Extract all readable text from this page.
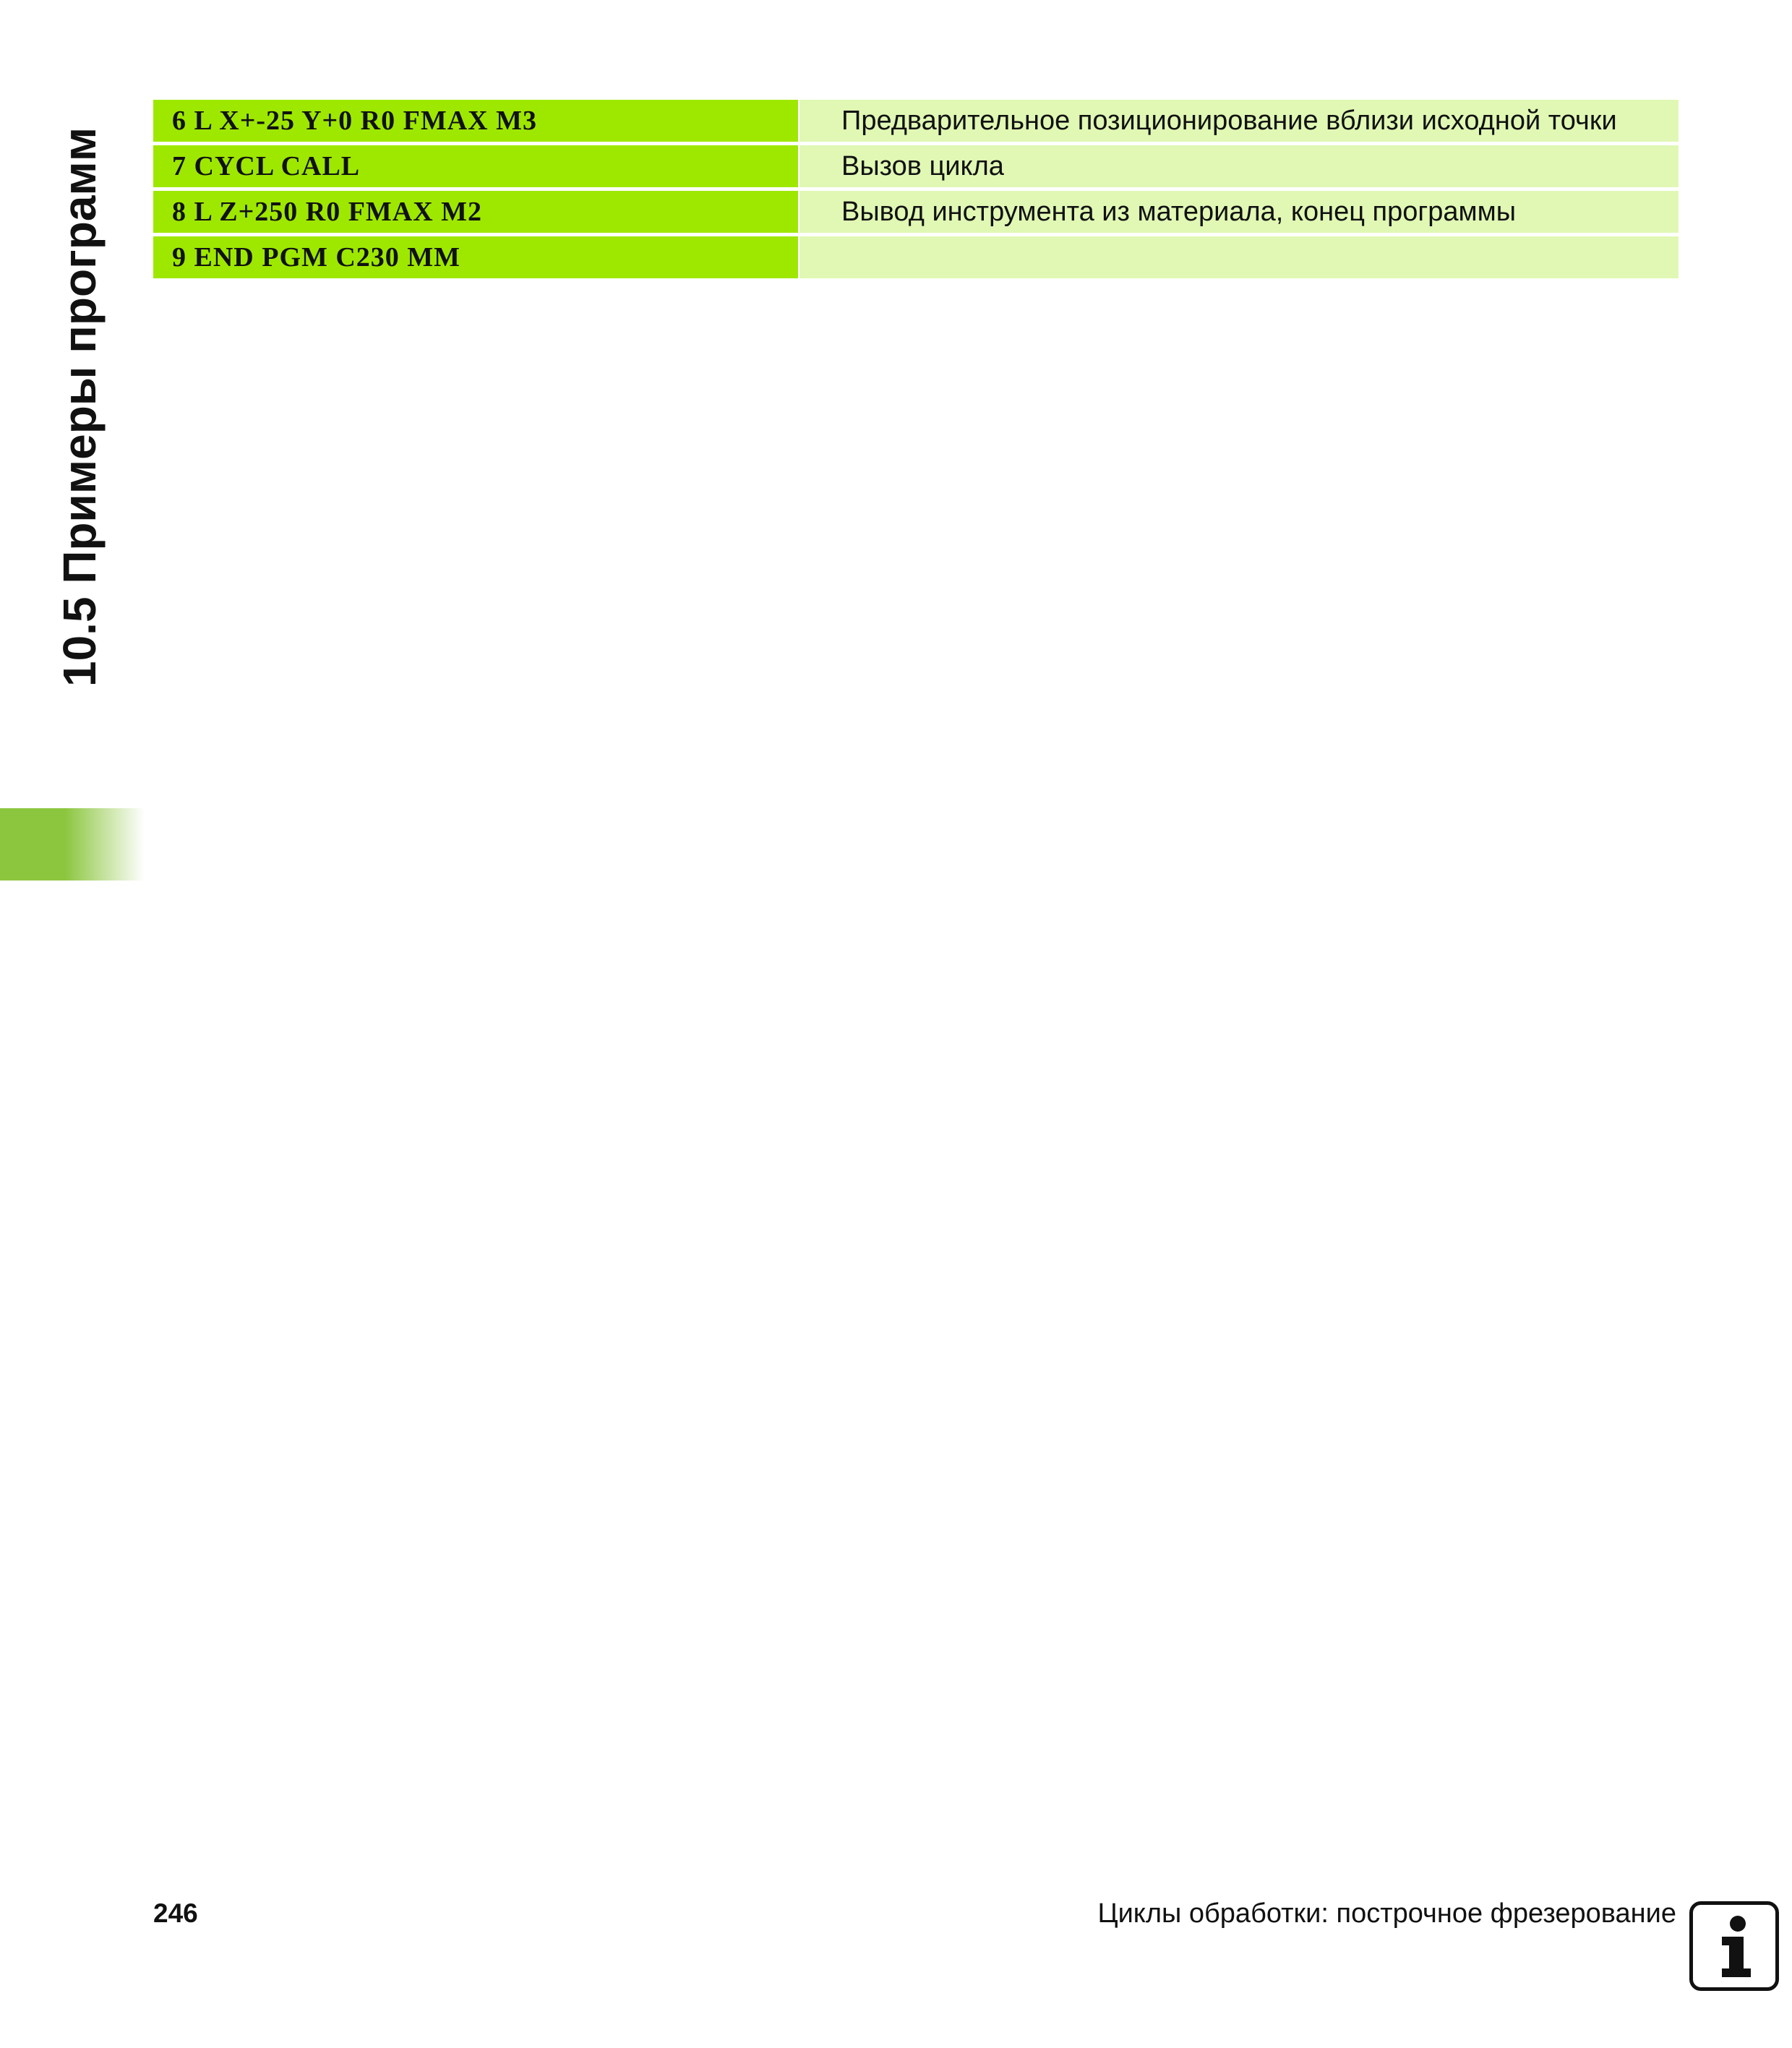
10.5 Примеры программ
6 L X+-25 Y+0 R0 FMAX M3	Предварительное позиционирование вблизи исходной точки
7 CYCL CALL	Вызов цикла
8 L Z+250 R0 FMAX M2	Вывод инструмента из материала, конец программы
9 END PGM C230 MM
246	Циклы обработки: построчное фрезерование
